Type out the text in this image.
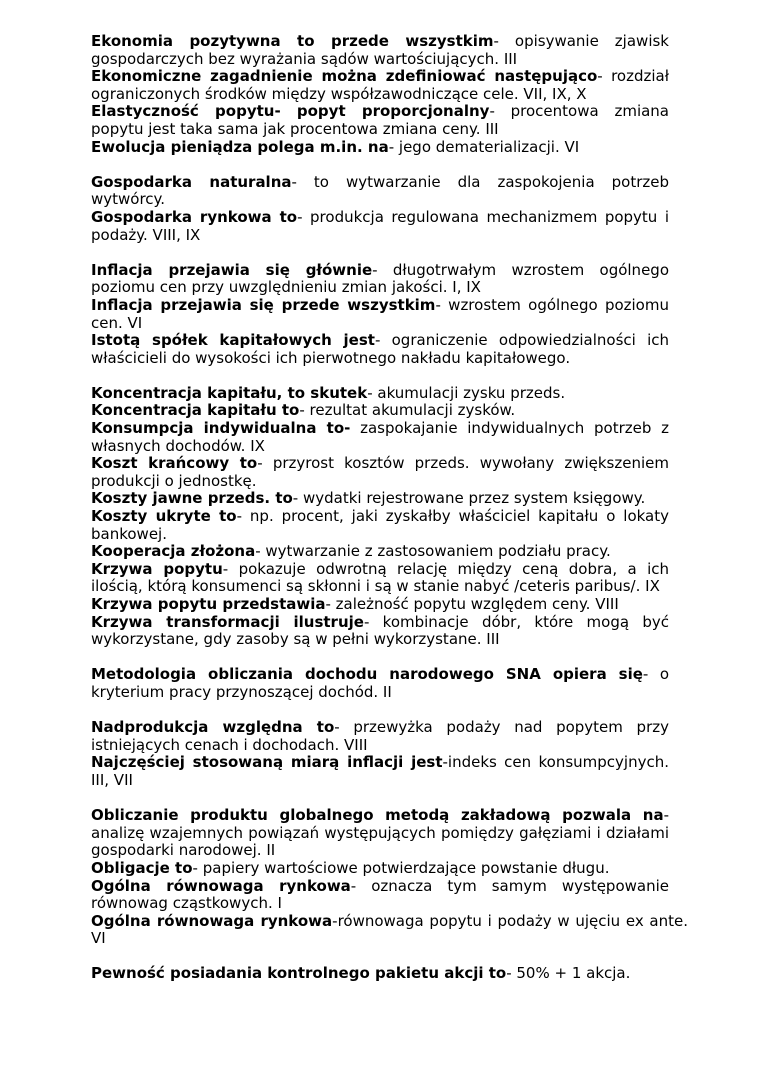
Ekonomia pozytywna to przede wszystkim- opisywanie zjawisk gospodarczych bez wyrażania sądów wartościujących. III

Ekonomiczne zagadnienie można zdefiniować następująco- rozdział ograniczonych środków między współzawodniczące cele. VII, IX, X

Elastyczność popytu- popyt proporcjonalny- procentowa zmiana popytu jest taka sama jak procentowa zmiana ceny. III

Ewolucja pieniądza polega m.in. na- jego dematerializacji. VI

Gospodarka naturalna- to wytwarzanie dla zaspokojenia potrzeb wytwórcy.

Gospodarka rynkowa to- produkcja regulowana mechanizmem popytu i podaży. VIII, IX

Inflacja przejawia się głównie- długotrwałym wzrostem ogólnego poziomu cen przy uwzględnieniu zmian jakości. I, IX

Inflacja przejawia się przede wszystkim- wzrostem ogólnego poziomu cen. VI

Istotą spółek kapitałowych jest- ograniczenie odpowiedzialności ich właścicieli do wysokości ich pierwotnego nakładu kapitałowego.

Koncentracja kapitału, to skutek- akumulacji zysku przeds.

Koncentracja kapitału to- rezultat akumulacji zysków.

Konsumpcja indywidualna to- zaspokajanie indywidualnych potrzeb z własnych dochodów. IX

Koszt krańcowy to- przyrost kosztów przeds. wywołany zwiększeniem produkcji o jednostkę.

Koszty jawne przeds. to- wydatki rejestrowane przez system księgowy.

Koszty ukryte to- np. procent, jaki zyskałby właściciel kapitału o lokaty bankowej.

Kooperacja złożona- wytwarzanie z zastosowaniem podziału pracy.

Krzywa popytu- pokazuje odwrotną relację między ceną dobra, a ich ilością, którą konsumenci są skłonni i są w stanie nabyć /ceteris paribus/. IX

Krzywa popytu przedstawia- zależność popytu względem ceny. VIII

Krzywa transformacji ilustruje- kombinacje dóbr, które mogą być wykorzystane, gdy zasoby są w pełni wykorzystane. III

Metodologia obliczania dochodu narodowego SNA opiera się- o kryterium pracy przynoszącej dochód. II

Nadprodukcja względna to- przewyżka podaży nad popytem przy istniejących cenach i dochodach. VIII

Najczęściej stosowaną miarą inflacji jest-indeks cen konsumpcyjnych. III, VII

Obliczanie produktu globalnego metodą zakładową pozwala na- analizę wzajemnych powiązań występujących pomiędzy gałęziami i działami gospodarki narodowej. II

Obligacje to- papiery wartościowe potwierdzające powstanie długu.

Ogólna równowaga rynkowa- oznacza tym samym występowanie równowag cząstkowych. I

Ogólna równowaga rynkowa-równowaga popytu i podaży w ujęciu ex ante. VI

Pewność posiadania kontrolnego pakietu akcji to- 50% + 1 akcja.
